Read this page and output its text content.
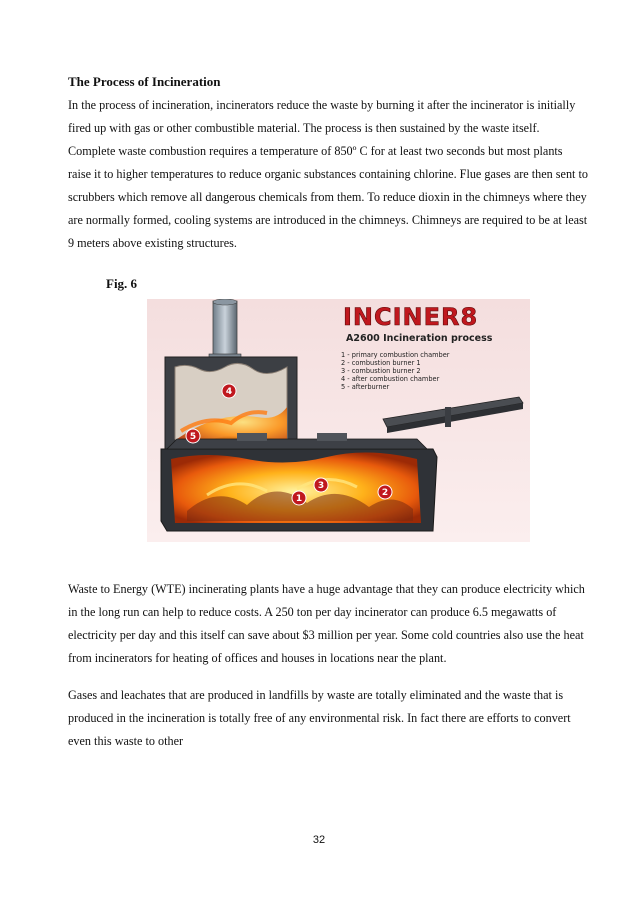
The Process of Incineration
In the process of incineration, incinerators reduce the waste by burning it after the incinerator is initially fired up with gas or other combustible material. The process is then sustained by the waste itself. Complete waste combustion requires a temperature of 850º C for at least two seconds but most plants raise it to higher temperatures to reduce organic substances containing chlorine. Flue gases are then sent to scrubbers which remove all dangerous chemicals from them. To reduce dioxin in the chimneys where they are normally formed, cooling systems are introduced in the chimneys. Chimneys are required to be at least 9 meters above existing structures.
Fig. 6
INCINER8
A2600 Incineration process
1 - primary combustion chamber
2 - combustion burner 1
3 - combustion burner 2
4 - after combustion chamber
5 - afterburner
1
2
3
4
5
Waste to Energy (WTE) incinerating plants have a huge advantage that they can produce electricity which in the long run can help to reduce costs. A 250 ton per day incinerator can produce 6.5 megawatts of electricity per day and this itself can save about $3 million per year. Some cold countries also use the heat from incinerators for heating of offices and houses in locations near the plant.
Gases and leachates that are produced in landfills by waste are totally eliminated and the waste that is produced in the incineration is totally free of any environmental risk. In fact there are efforts to convert even this waste to other
32
